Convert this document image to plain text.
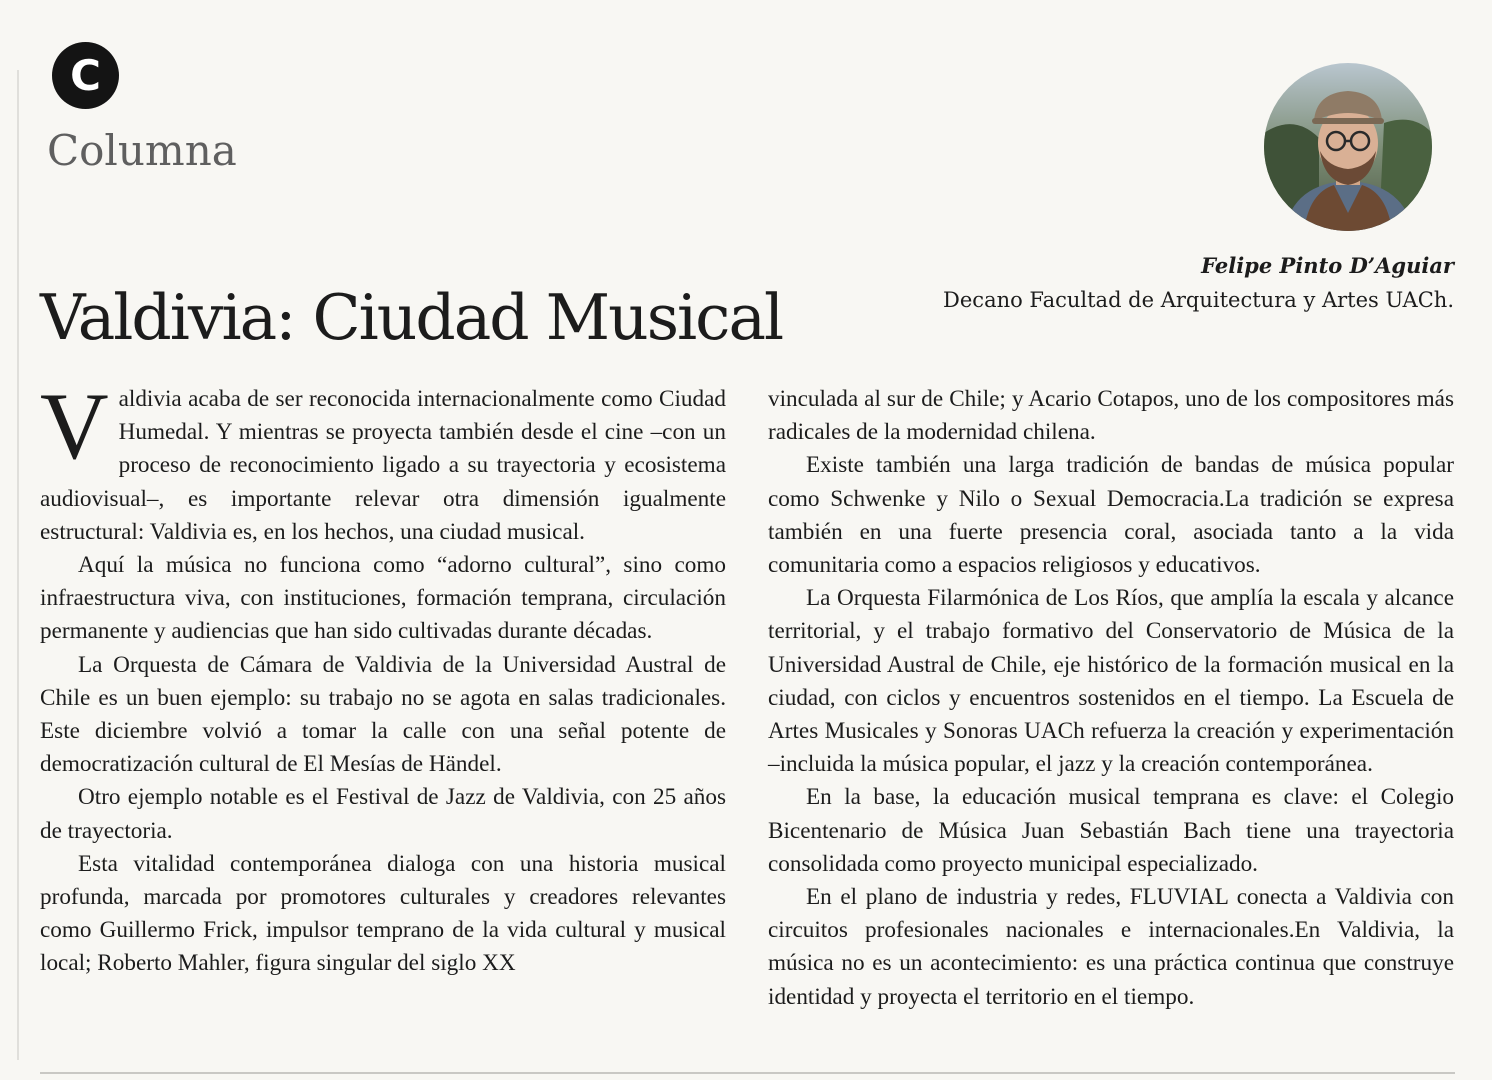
C
Columna
Felipe Pinto D’Aguiar
Decano Facultad de Arquitectura y Artes UACh.
Valdivia: Ciudad Musical

Valdivia acaba de ser reconocida internacionalmente como Ciudad Humedal. Y mientras se proyecta también desde el cine –con un proceso de reconocimiento ligado a su trayectoria y ecosistema audiovisual–, es importante relevar otra dimensión igualmente estructural: Valdivia es, en los hechos, una ciudad musical.

Aquí la música no funciona como “adorno cultural”, sino como infraestructura viva, con instituciones, formación temprana, circulación permanente y audiencias que han sido cultivadas durante décadas.

La Orquesta de Cámara de Valdivia de la Universidad Austral de Chile es un buen ejemplo: su trabajo no se agota en salas tradicionales. Este diciembre volvió a tomar la calle con una señal potente de democratización cultural de El Mesías de Händel.

Otro ejemplo notable es el Festival de Jazz de Valdivia, con 25 años de trayectoria.

Esta vitalidad contemporánea dialoga con una historia musical profunda, marcada por promotores culturales y creadores relevantes como Guillermo Frick, impulsor temprano de la vida cultural y musical local; Roberto Mahler, figura singular del siglo XX

vinculada al sur de Chile; y Acario Cotapos, uno de los compositores más radicales de la modernidad chilena.

Existe también una larga tradición de bandas de música popular como Schwenke y Nilo o Sexual Democracia.La tradición se expresa también en una fuerte presencia coral, asociada tanto a la vida comunitaria como a espacios religiosos y educativos.

La Orquesta Filarmónica de Los Ríos, que amplía la escala y alcance territorial, y el trabajo formativo del Conservatorio de Música de la Universidad Austral de Chile, eje histórico de la formación musical en la ciudad, con ciclos y encuentros sostenidos en el tiempo. La Escuela de Artes Musicales y Sonoras UACh refuerza la creación y experimentación –incluida la música popular, el jazz y la creación contemporánea.

En la base, la educación musical temprana es clave: el Colegio Bicentenario de Música Juan Sebastián Bach tiene una trayectoria consolidada como proyecto municipal especializado.

En el plano de industria y redes, FLUVIAL conecta a Valdivia con circuitos profesionales nacionales e internacionales.En Valdivia, la música no es un acontecimiento: es una práctica continua que construye identidad y proyecta el territorio en el tiempo.
